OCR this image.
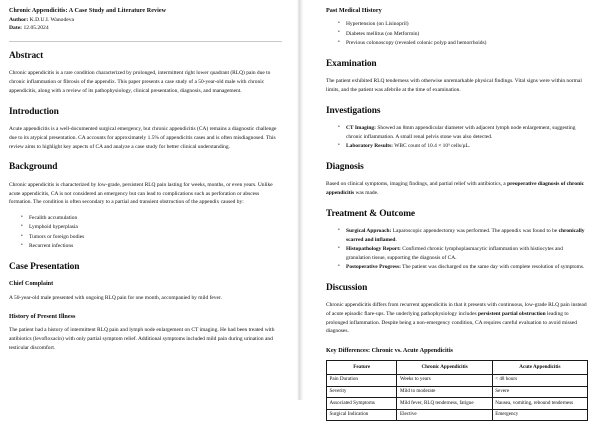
Chronic Appendicitis: A Case Study and Literature Review
Author: K.D.U.I. Wanodeva
Date: 12.05.2024
Abstract

Chronic appendicitis is a rare condition characterized by prolonged, intermittent right lower quadrant (RLQ) pain due to chronic inflammation or fibrosis of the appendix. This paper presents a case study of a 50-year-old male with chronic appendicitis, along with a review of its pathophysiology, clinical presentation, diagnosis, and management.

Introduction

Acute appendicitis is a well-documented surgical emergency, but chronic appendicitis (CA) remains a diagnostic challenge due to its atypical presentation. CA accounts for approximately 1.5% of appendicitis cases and is often misdiagnosed. This review aims to highlight key aspects of CA and analyze a case study for better clinical understanding.

Background

Chronic appendicitis is characterized by low-grade, persistent RLQ pain lasting for weeks, months, or even years. Unlike acute appendicitis, CA is not considered an emergency but can lead to complications such as perforation or abscess formation. The condition is often secondary to a partial and transient obstruction of the appendix caused by:

• Fecalith accumulation
• Lymphoid hyperplasia
• Tumors or foreign bodies
• Recurrent infections
Case Presentation
Chief Complaint

A 50-year-old male presented with ongoing RLQ pain for one month, accompanied by mild fever.

History of Present Illness

The patient had a history of intermittent RLQ pain and lymph node enlargement on CT imaging. He had been treated with antibiotics (levofloxacin) with only partial symptom relief. Additional symptoms included mild pain during urination and testicular discomfort.

Past Medical History
• Hypertension (on Lisinopril)
• Diabetes mellitus (on Metformin)
• Previous colonoscopy (revealed colonic polyp and hemorrhoids)
Examination

The patient exhibited RLQ tenderness with otherwise unremarkable physical findings. Vital signs were within normal limits, and the patient was afebrile at the time of examination.

Investigations
• CT Imaging: Showed an 8mm appendicular diameter with adjacent lymph node enlargement, suggesting chronic inflammation. A small renal pelvis stone was also detected.
• Laboratory Results: WBC count of 10.4 × 10³ cells/µL.
Diagnosis

Based on clinical symptoms, imaging findings, and partial relief with antibiotics, a preoperative diagnosis of chronic appendicitis was made.

Treatment & Outcome
• Surgical Approach: Laparoscopic appendectomy was performed. The appendix was found to be chronically scarred and inflamed.
• Histopathology Report: Confirmed chronic lymphoplasmacytic inflammation with histiocytes and granulation tissue, supporting the diagnosis of CA.
• Postoperative Progress: The patient was discharged on the same day with complete resolution of symptoms.
Discussion

Chronic appendicitis differs from recurrent appendicitis in that it presents with continuous, low-grade RLQ pain instead of acute episodic flare-ups. The underlying pathophysiology includes persistent partial obstruction leading to prolonged inflammation. Despite being a non-emergency condition, CA requires careful evaluation to avoid missed diagnoses.

Key Differences: Chronic vs. Acute Appendicitis
Feature	Chronic Appendicitis	Acute Appendicitis
Pain Duration	Weeks to years	< 48 hours
Severity	Mild to moderate	Severe
Associated Symptoms	Mild fever, RLQ tenderness, fatigue	Nausea, vomiting, rebound tenderness
Surgical Indication	Elective	Emergency
